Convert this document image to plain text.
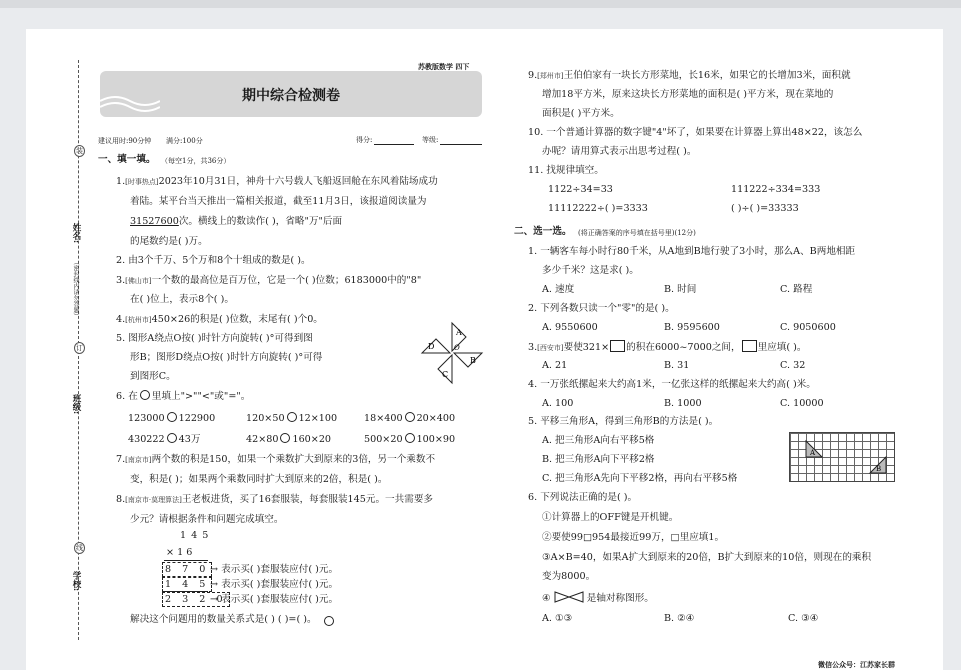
姓名:
班级:
学校:
（密封线内请勿答题）
装
订
线
苏教版数学 四下
期中综合检测卷
建议用时:90分钟 满分:100分	得分:	等级:
一、填一填。 （每空1分，共36分）
1.[时事热点]2023年10月31日，神舟十六号载人飞船返回舱在东风着陆场成功
着陆。某平台当天推出一篇相关报道，截至11月3日，该报道阅读量为
31527600次。横线上的数读作( )，省略"万"后面
的尾数约是( )万。
2. 由3个千万、5个万和8个十组成的数是( )。
3.[佛山市]一个数的最高位是百万位，它是一个( )位数；6183000中的"8"
在( )位上，表示8个( )。
4.[杭州市]450×26的积是( )位数，末尾有( )个0。
5. 图形A绕点O按( )时针方向旋转( )°可得到图
形B；图形D绕点O按( )时针方向旋转( )°可得
到图形C。
A
B
C
D	O
6. 在 里填上">""<"或"="。
123000 122900	120×50 12×100	18×400 20×400
430222 43万	42×80 160×20	500×20 100×90
7.[南京市]两个数的积是150，如果一个乘数扩大到原来的3倍，另一个乘数不
变，积是( )；如果两个乘数同时扩大到原来的2倍，积是( )。
8.[南京市·莫理算法]王老板进货，买了16套服装，每套服装145元。一共需要多
少元？请根据条件和问题完成填空。
1 4 5
× 1 6
8 7 0
1 4 5
2 3 2 0
→ 表示买( )套服装应付( )元。
→ 表示买( )套服装应付( )元。
→ 表示买( )套服装应付( )元。
解决这个问题用的数量关系式是( ) ( )=( )。
9.[郑州市]王伯伯家有一块长方形菜地，长16米，如果它的长增加3米，面积就
增加18平方米，原来这块长方形菜地的面积是( )平方米，现在菜地的
面积是( )平方米。
10. 一个普通计算器的数字键"4"坏了，如果要在计算器上算出48×22，该怎么
办呢？请用算式表示出思考过程( )。
11. 找规律填空。
1122÷34=33	111222÷334=333
11112222÷( )=3333	( )÷( )=33333
二、选一选。 (将正确答案的序号填在括号里)(12分)
1. 一辆客车每小时行80千米，从A地到B地行驶了3小时，那么A、B两地相距
多少千米？这是求( )。
A. 速度	B. 时间	C. 路程
2. 下列各数只读一个"零"的是( )。
A. 9550600	B. 9595600	C. 9050600
3.[西安市]要使321× 的积在6000~7000之间， 里应填( )。
A. 21	B. 31	C. 32
4. 一万张纸摞起来大约高1米，一亿张这样的纸摞起来大约高( )米。
A. 100	B. 1000	C. 10000
5. 平移三角形A，得到三角形B的方法是( )。
A. 把三角形A向右平移5格
B. 把三角形A向下平移2格
C. 把三角形A先向下平移2格，再向右平移5格
A
B
6. 下列说法正确的是( )。
①计算器上的OFF键是开机键。
②要使99□954最接近99万，□里应填1。
③A×B=40，如果A扩大到原来的20倍，B扩大到原来的10倍，则现在的乘积
变为8000。
④	是轴对称图形。
A. ①③	B. ②④	C. ③④
微信公众号：江苏家长群
